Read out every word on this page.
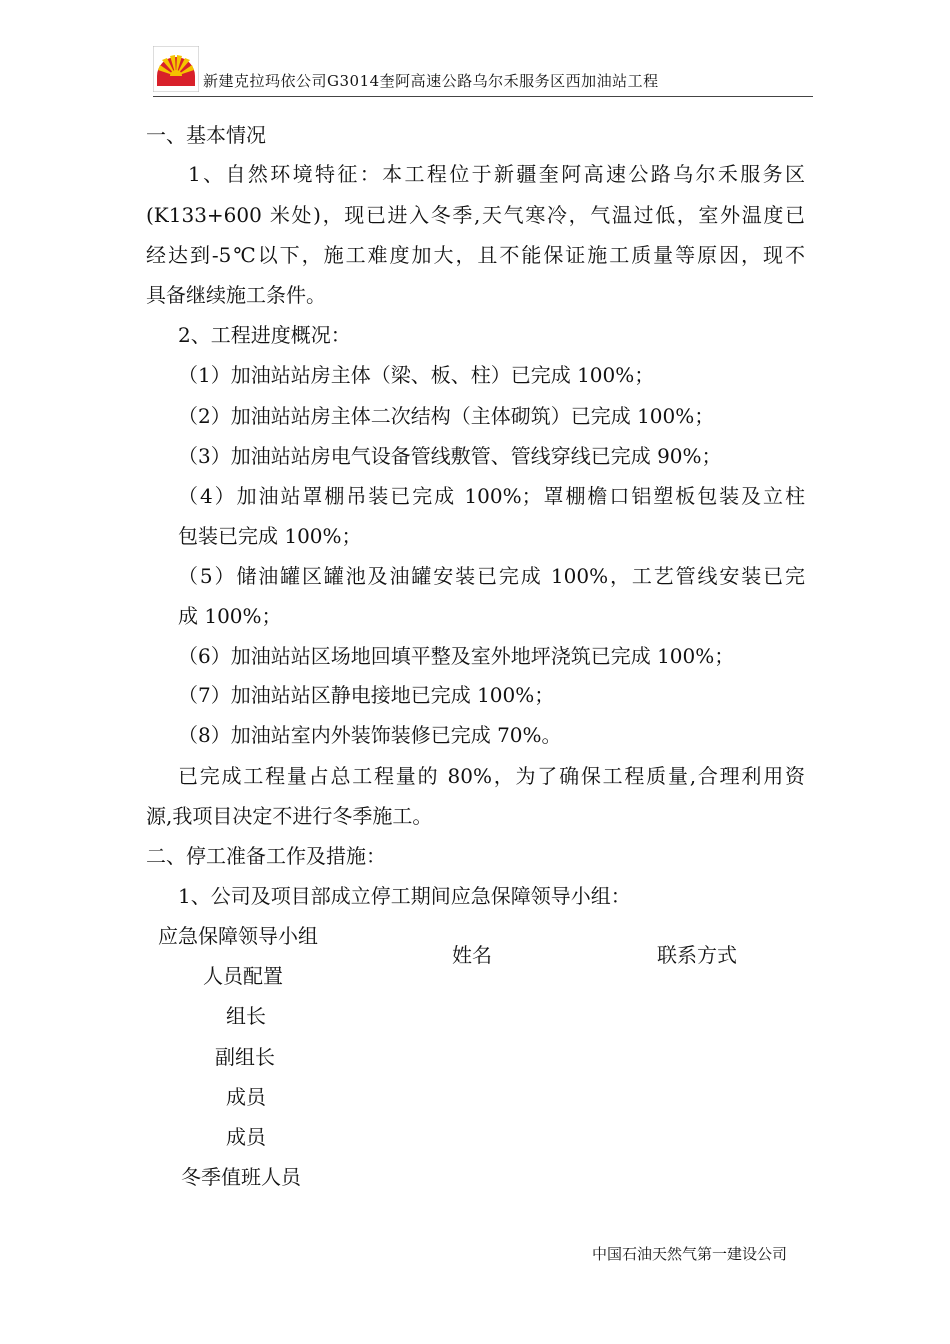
新建克拉玛依公司G3014奎阿高速公路乌尔禾服务区西加油站工程
一、基本情况
1、自然环境特征：本工程位于新疆奎阿高速公路乌尔禾服务区
(K133+600 米处)，现已进入冬季,天气寒冷，气温过低，室外温度已
经达到-5℃以下，施工难度加大，且不能保证施工质量等原因，现不
具备继续施工条件。
2、工程进度概况：
（1）加油站站房主体（梁、板、柱）已完成 100%；
（2）加油站站房主体二次结构（主体砌筑）已完成 100%；
（3）加油站站房电气设备管线敷管、管线穿线已完成 90%；
（4）加油站罩棚吊装已完成 100%；罩棚檐口铝塑板包装及立柱
包装已完成 100%；
（5）储油罐区罐池及油罐安装已完成 100%，工艺管线安装已完
成 100%；
（6）加油站站区场地回填平整及室外地坪浇筑已完成 100%；
（7）加油站站区静电接地已完成 100%；
（8）加油站室内外装饰装修已完成 70%。
已完成工程量占总工程量的 80%，为了确保工程质量,合理利用资
源,我项目决定不进行冬季施工。
二、停工准备工作及措施：
1、公司及项目部成立停工期间应急保障领导小组：
应急保障领导小组
人员配置
姓名	联系方式
组长
副组长
成员
成员
冬季值班人员
中国石油天然气第一建设公司
